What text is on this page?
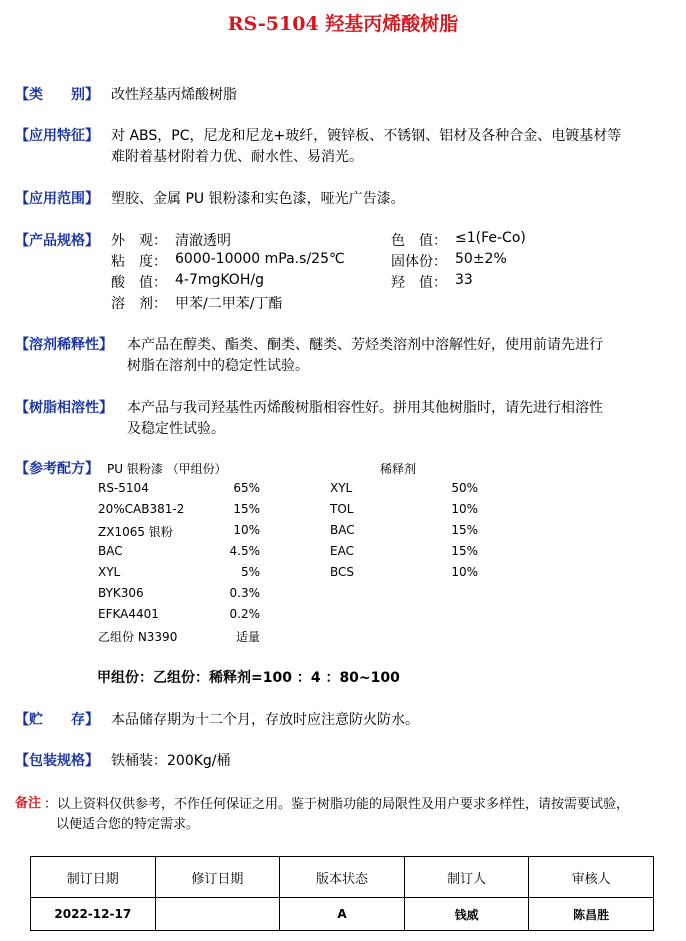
RS-5104 羟基丙烯酸树脂
【类　　别】 改性羟基丙烯酸树脂
【应用特征】 对 ABS，PC，尼龙和尼龙+玻纤，镀锌板、不锈钢、铝材及各种合金、电镀基材等
难附着基材附着力优、耐水性、易消光。
【应用范围】 塑胶、金属 PU 银粉漆和实色漆，哑光广告漆。
【产品规格】 外　观： 清澈透明	色　值： ≤1(Fe-Co)
粘　度： 6000-10000 mPa.s/25℃	固体份： 50±2%
酸　值： 4-7mgKOH/g	羟　值： 33
溶　剂： 甲苯/二甲苯/丁酯
【溶剂稀释性】 本产品在醇类、酯类、酮类、醚类、芳烃类溶剂中溶解性好，使用前请先进行
树脂在溶剂中的稳定性试验。
【树脂相溶性】 本产品与我司羟基性丙烯酸树脂相容性好。拼用其他树脂时，请先进行相溶性
及稳定性试验。
【参考配方】 PU 银粉漆 （甲组份）	稀释剂
RS-5104	65%
20%CAB381-2	15%
ZX1065 银粉	10%
BAC	4.5%
XYL	5%
BYK306	0.3%
EFKA4401	0.2%
乙组份 N3390	适量
XYL	50%
TOL	10%
BAC	15%
EAC	15%
BCS	10%
甲组份：乙组份：稀释剂=100 ：4 ：80~100
【贮　　存】 本品储存期为十二个月，存放时应注意防火防水。
【包装规格】 铁桶装：200Kg/桶
备注 ：以上资料仅供参考，不作任何保证之用。鉴于树脂功能的局限性及用户要求多样性，请按需要试验，
以便适合您的特定需求。
制订日期	修订日期	版本状态	制订人	审核人
2022-12-17		A	钱威	陈昌胜
